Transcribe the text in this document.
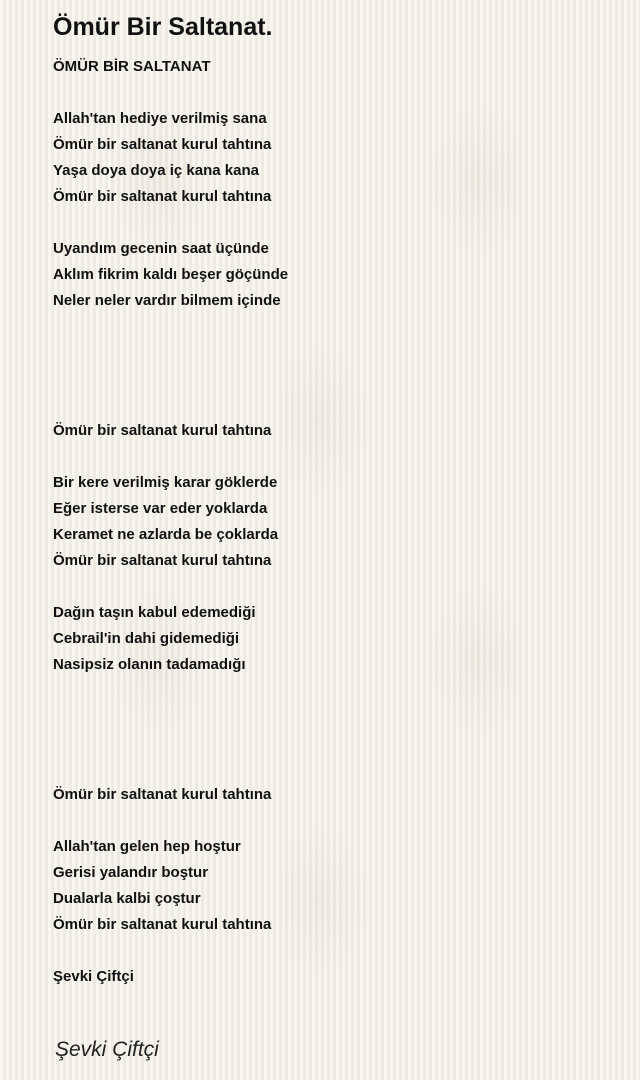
Ömür Bir Saltanat.
ÖMÜR BİR SALTANAT
Allah'tan hediye verilmiş sana
Ömür bir saltanat kurul tahtına
Yaşa doya doya iç kana kana
Ömür bir saltanat kurul tahtına
Uyandım gecenin saat üçünde
Aklım fikrim kaldı beşer göçünde
Neler neler vardır bilmem içinde
Ömür bir saltanat kurul tahtına
Bir kere verilmiş karar göklerde
Eğer isterse var eder yoklarda
Keramet ne azlarda be çoklarda
Ömür bir saltanat kurul tahtına
Dağın taşın kabul edemediği
Cebrail'in dahi gidemediği
Nasipsiz olanın tadamadığı
Ömür bir saltanat kurul tahtına
Allah'tan gelen hep hoştur
Gerisi yalandır boştur
Dualarla kalbi çoştur
Ömür bir saltanat kurul tahtına
Şevki Çiftçi
Şevki Çiftçi
